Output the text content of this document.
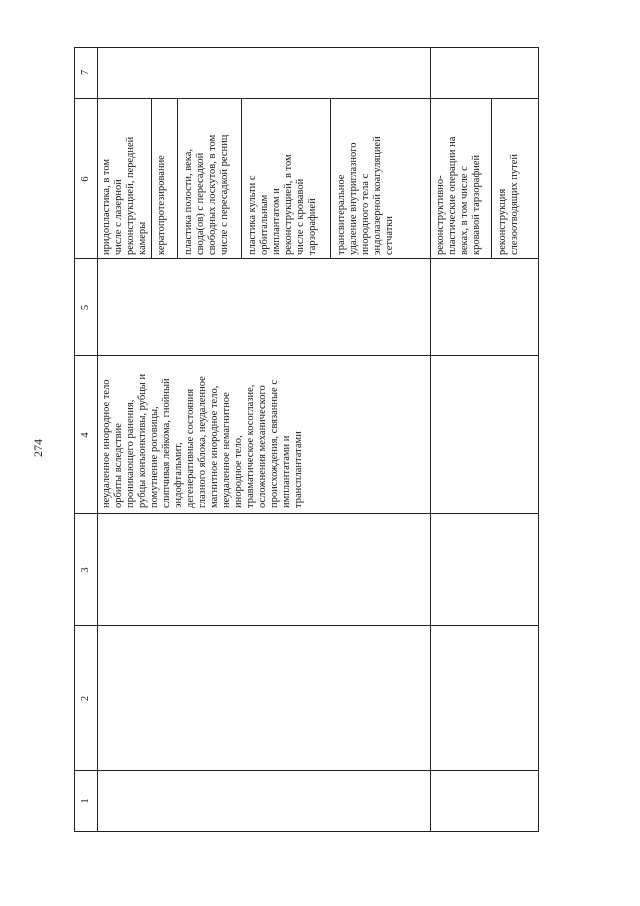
274
1
2
3
4
5
6
7
неудаленное инородное тело орбиты вследствие проникающего ранения, рубцы конъюнктивы, рубцы и помутнение роговицы, слипчивая лейкома, гнойный эндофтальмит, дегенеративные состояния глазного яблока, неудаленное магнитное инородное тело, неудаленное немагнитное инородное тело, травматическое косоглазие, осложнения механического происхождения, связанные с имплантатами и трансплантатами
иридопластика, в том числе с лазерной реконструкцией, передней камеры кератопротезирование пластика полости, века, свода(ов) с пересадкой свободных лоскутов, в том числе с пересадкой ресниц пластика культи с орбитальным имплантатом и реконструкцией, в том числе с кровавой тарзорафией трансвитеральное удаление внутриглазного инородного тела с эндолазерной коагуляцией сетчатки	реконструктивно- пластические операции на веках, в том числе с кровавой тарзорафией реконструкция слезоотводящих путей
